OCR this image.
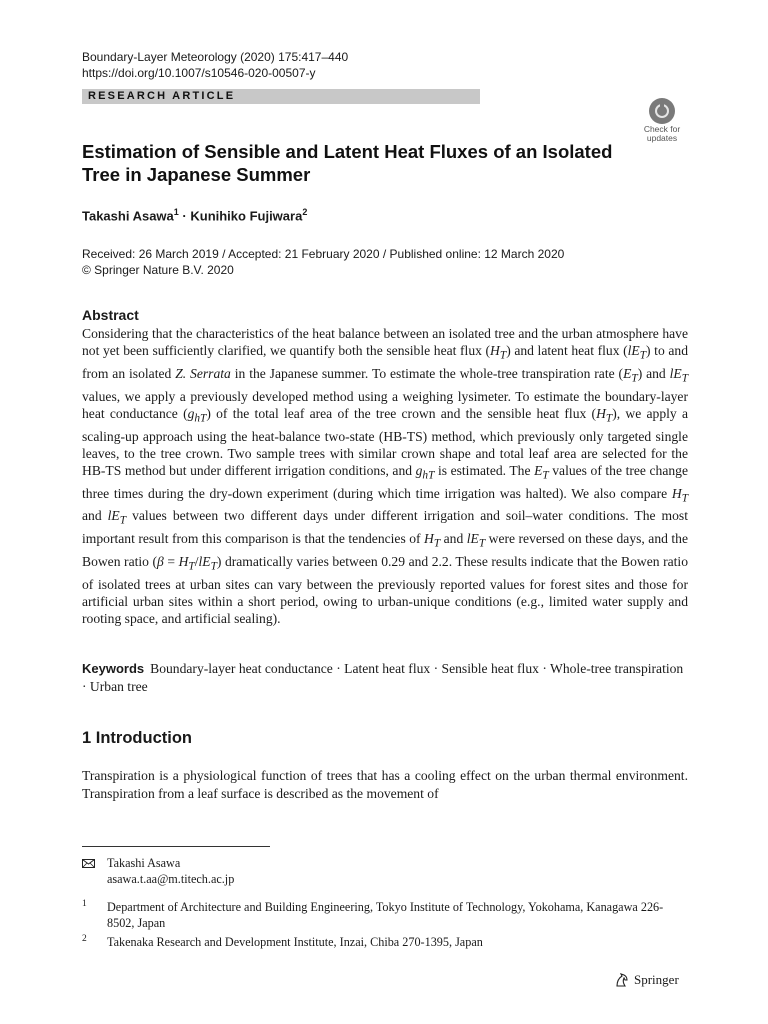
Boundary-Layer Meteorology (2020) 175:417–440
https://doi.org/10.1007/s10546-020-00507-y
RESEARCH ARTICLE
Check for updates
Estimation of Sensible and Latent Heat Fluxes of an Isolated
Tree in Japanese Summer
Takashi Asawa$^1$ · Kunihiko Fujiwara$^2$
Received: 26 March 2019 / Accepted: 21 February 2020 / Published online: 12 March 2020
© Springer Nature B.V. 2020
Abstract
Considering that the characteristics of the heat balance between an isolated tree and the urban atmosphere have not yet been sufficiently clarified, we quantify both the sensible heat flux $(H_T)$ and latent heat flux $(lE_T)$ to and from an isolated Z. Serrata in the Japanese summer. To estimate the whole-tree transpiration rate $(E_T)$ and $lE_T$ values, we apply a previously developed method using a weighing lysimeter. To estimate the boundary-layer heat conductance $(g_{hT})$ of the total leaf area of the tree crown and the sensible heat flux $(H_T)$, we apply a scaling-up approach using the heat-balance two-state (HB-TS) method, which previously only targeted single leaves, to the tree crown. Two sample trees with similar crown shape and total leaf area are selected for the HB-TS method but under different irrigation conditions, and $g_{hT}$ is estimated. The $E_T$ values of the tree change three times during the dry-down experiment (during which time irrigation was halted). We also compare $H_T$ and $lE_T$ values between two different days under different irrigation and soil–water conditions. The most important result from this comparison is that the tendencies of $H_T$ and $lE_T$ were reversed on these days, and the Bowen ratio $(\beta = H_T/lE_T)$ dramatically varies between 0.29 and 2.2. These results indicate that the Bowen ratio of isolated trees at urban sites can vary between the previously reported values for forest sites and those for artificial urban sites within a short period, owing to urban-unique conditions (e.g., limited water supply and rooting space, and artificial sealing).
Keywords Boundary-layer heat conductance · Latent heat flux · Sensible heat flux · Whole-tree transpiration · Urban tree
1 Introduction
Transpiration is a physiological function of trees that has a cooling effect on the urban thermal environment. Transpiration from a leaf surface is described as the movement of
Takashi Asawa
asawa.t.aa@m.titech.ac.jp
1 Department of Architecture and Building Engineering, Tokyo Institute of Technology, Yokohama, Kanagawa 226-8502, Japan
2 Takenaka Research and Development Institute, Inzai, Chiba 270-1395, Japan
Springer
